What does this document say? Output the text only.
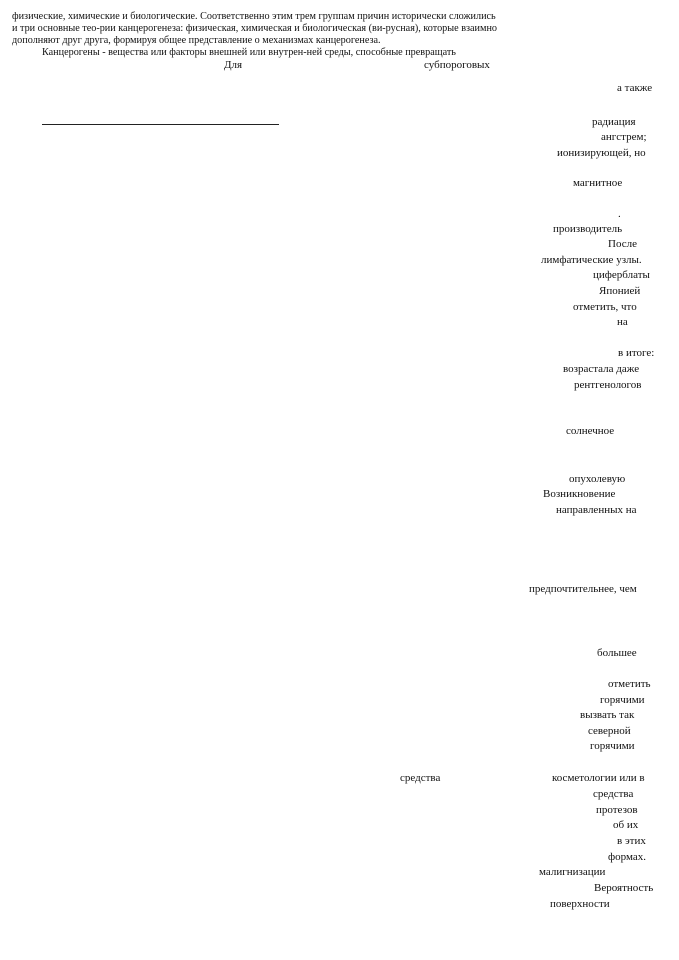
физические, химические и биологические. Соответственно этим трем группам причин исторически сложились
и три основные тео-рии канцерогенеза: физическая, химическая и биологическая (ви-русная), которые взаимно
дополняют друг друга, формируя общее представление о механизмах канцерогенеза.
Канцерогены - вещества или факторы внешней или внутрен-ней среды, способные превращать
Для	субпороговых
а также
радиация
ангстрем;
ионизирующей, но
магнитное
.
производитель
После
лимфатические узлы.
циферблаты
Японией
отметить, что
на
в итоге:
возрастала даже
рентгенологов
солнечное
опухолевую
Возникновение
направленных на
предпочтительнее, чем
большее
отметить
горячими
вызвать так
северной
горячими
средства	косметологии или в
средства
протезов
об их
в этих
формах.
малигнизации
Вероятность
поверхности
